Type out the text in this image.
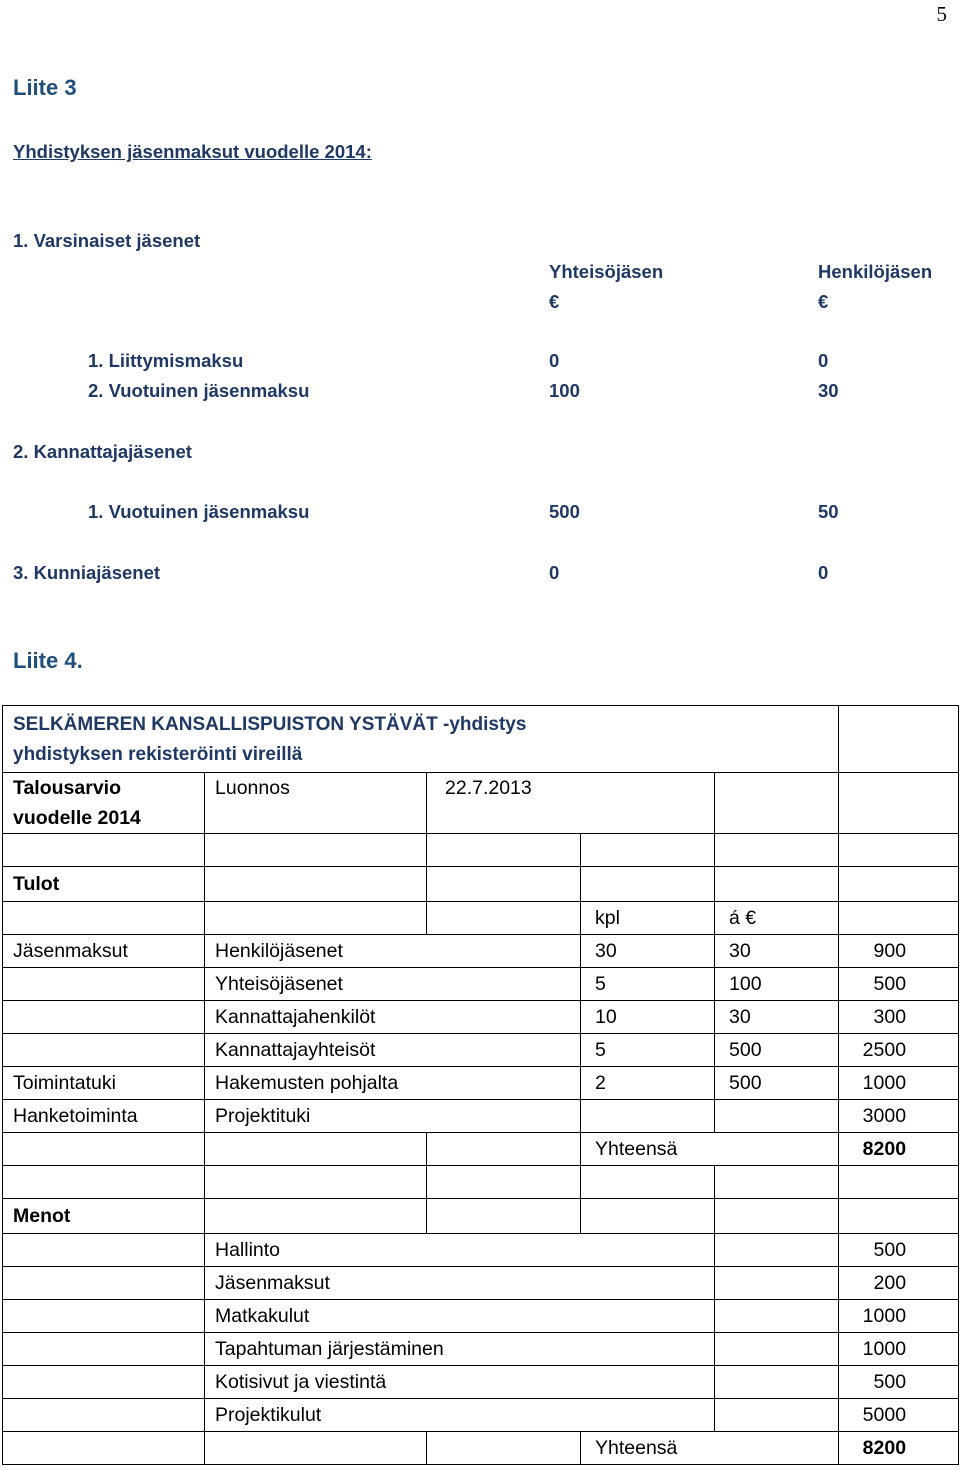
5
Liite 3
Yhdistyksen jäsenmaksut vuodelle 2014:
1. Varsinaiset jäsenet
Yhteisöjäsen	Henkilöjäsen
€	€
1. Liittymismaksu	0	0
2. Vuotuinen jäsenmaksu	100	30
2. Kannattajajäsenet
1. Vuotuinen jäsenmaksu	500	50
3. Kunniajäsenet	0	0
Liite 4.
SELKÄMEREN KANSALLISPUISTON YSTÄVÄT -yhdistys
yhdistyksen rekisteröinti vireillä					
Talousarvio
vuodelle 2014	Luonnos	22.7.2013			

Tulot					
			kpl	á €	
Jäsenmaksut	Henkilöjäsenet		30	30	900
	Yhteisöjäsenet		5	100	500
	Kannattajahenkilöt		10	30	300
	Kannattajayhteisöt		5	500	2500
Toimintatuki	Hakemusten pohjalta		2	500	1000
Hanketoiminta	Projektituki				3000
			Yhteensä		8200

Menot					
	Hallinto				500
	Jäsenmaksut				200
	Matkakulut				1000
	Tapahtuman järjestäminen				1000
	Kotisivut ja viestintä				500
	Projektikulut				5000
			Yhteensä		8200
